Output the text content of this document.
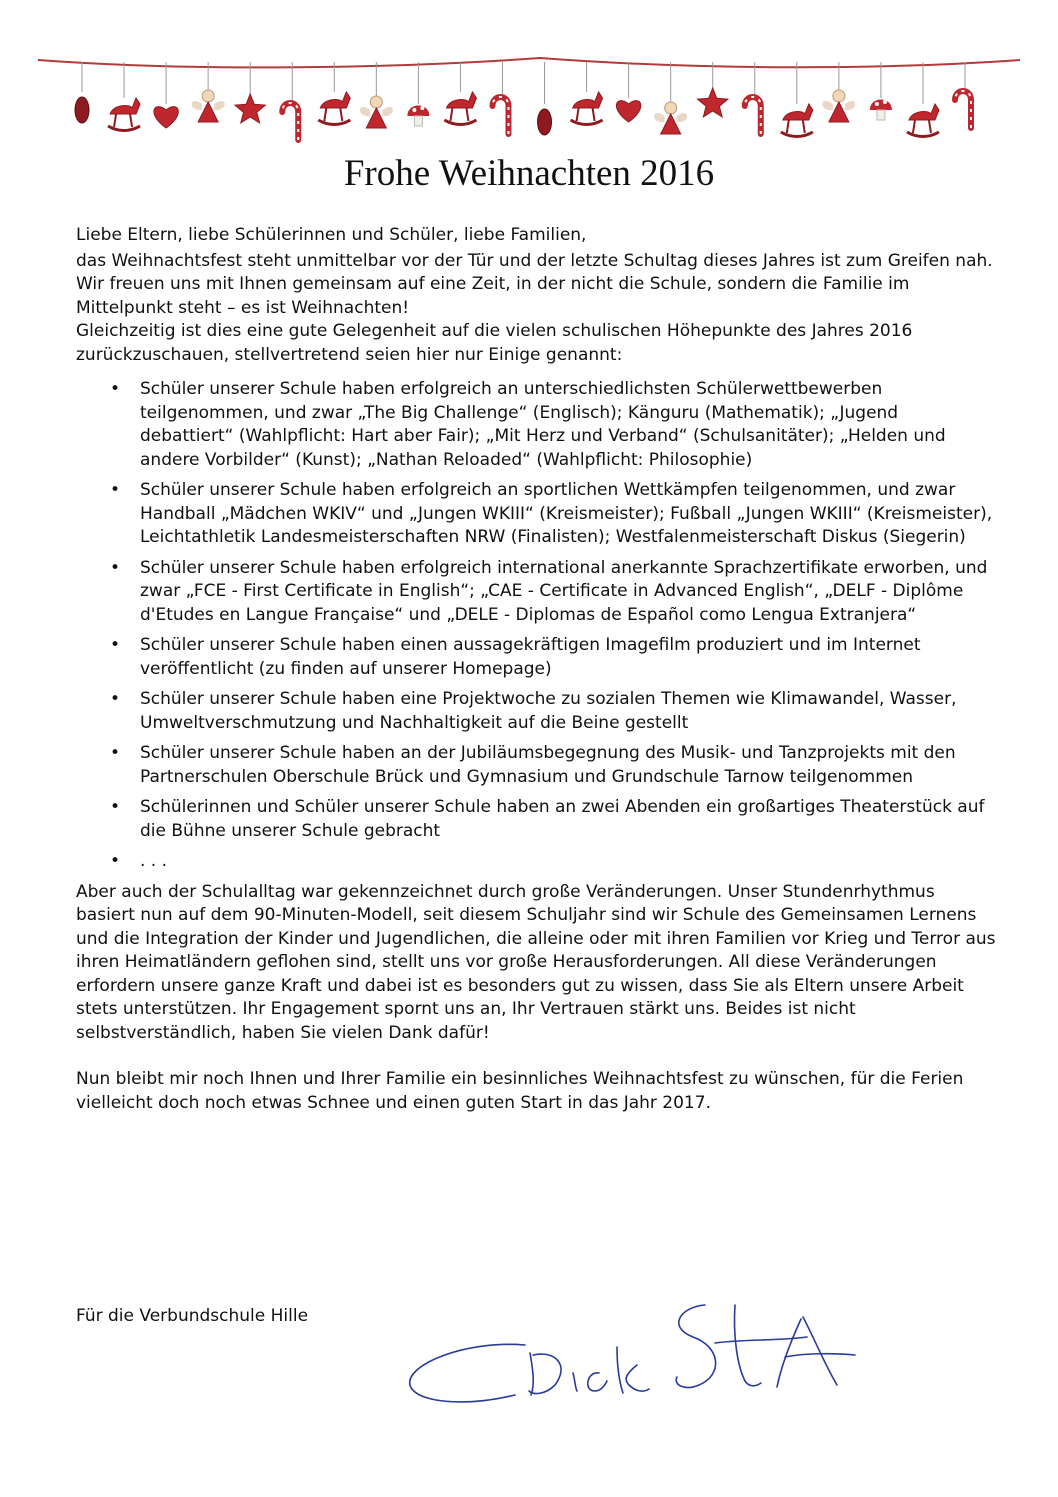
Frohe Weihnachten 2016

Liebe Eltern, liebe Schülerinnen und Schüler, liebe Familien,

das Weihnachtsfest steht unmittelbar vor der Tür und der letzte Schultag dieses Jahres ist zum Greifen nah. Wir freuen uns mit Ihnen gemeinsam auf eine Zeit, in der nicht die Schule, sondern die Familie im Mittelpunkt steht – es ist Weihnachten!

Gleichzeitig ist dies eine gute Gelegenheit auf die vielen schulischen Höhepunkte des Jahres 2016 zurückzuschauen, stellvertretend seien hier nur Einige genannt:

• Schüler unserer Schule haben erfolgreich an unterschiedlichsten Schülerwettbewerben teilgenommen, und zwar „The Big Challenge“ (Englisch); Känguru (Mathematik); „Jugend debattiert“ (Wahlpflicht: Hart aber Fair); „Mit Herz und Verband“ (Schulsanitäter); „Helden und andere Vorbilder“ (Kunst); „Nathan Reloaded“ (Wahlpflicht: Philosophie)
• Schüler unserer Schule haben erfolgreich an sportlichen Wettkämpfen teilgenommen, und zwar Handball „Mädchen WKIV“ und „Jungen WKIII“ (Kreismeister); Fußball „Jungen WKIII“ (Kreismeister), Leichtathletik Landesmeisterschaften NRW (Finalisten); Westfalenmeisterschaft Diskus (Siegerin)
• Schüler unserer Schule haben erfolgreich international anerkannte Sprachzertifikate erworben, und zwar „FCE - First Certificate in English“; „CAE - Certificate in Advanced English“, „DELF - Diplôme d'Etudes en Langue Française“ und „DELE - Diplomas de Español como Lengua Extranjera“
• Schüler unserer Schule haben einen aussagekräftigen Imagefilm produziert und im Internet veröffentlicht (zu finden auf unserer Homepage)
• Schüler unserer Schule haben eine Projektwoche zu sozialen Themen wie Klimawandel, Wasser, Umweltverschmutzung und Nachhaltigkeit auf die Beine gestellt
• Schüler unserer Schule haben an der Jubiläumsbegegnung des Musik- und Tanzprojekts mit den Partnerschulen Oberschule Brück und Gymnasium und Grundschule Tarnow teilgenommen
• Schülerinnen und Schüler unserer Schule haben an zwei Abenden ein großartiges Theaterstück auf die Bühne unserer Schule gebracht
• . . .

Aber auch der Schulalltag war gekennzeichnet durch große Veränderungen. Unser Stundenrhythmus basiert nun auf dem 90-Minuten-Modell, seit diesem Schuljahr sind wir Schule des Gemeinsamen Lernens und die Integration der Kinder und Jugendlichen, die alleine oder mit ihren Familien vor Krieg und Terror aus ihren Heimatländern geflohen sind, stellt uns vor große Herausforderungen. All diese Veränderungen erfordern unsere ganze Kraft und dabei ist es besonders gut zu wissen, dass Sie als Eltern unsere Arbeit stets unterstützen. Ihr Engagement spornt uns an, Ihr Vertrauen stärkt uns. Beides ist nicht selbstverständlich, haben Sie vielen Dank dafür!

Nun bleibt mir noch Ihnen und Ihrer Familie ein besinnliches Weihnachtsfest zu wünschen, für die Ferien vielleicht doch noch etwas Schnee und einen guten Start in das Jahr 2017.

Für die Verbundschule Hille
